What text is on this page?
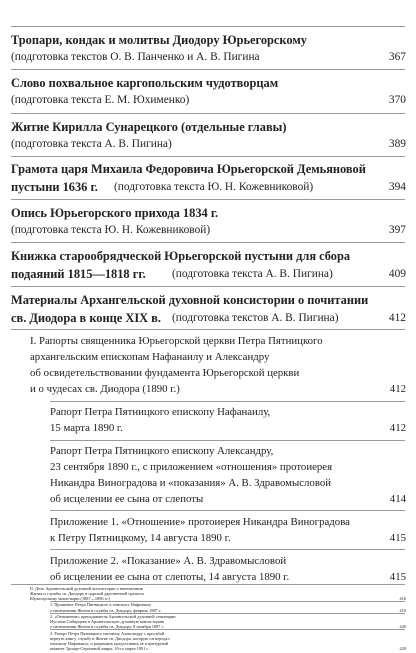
Тропари, кондак и молитвы Диодору Юрьегорскому
(подготовка текстов О. В. Панченко и А. В. Пигина	367
Слово похвальное каргопольским чудотворцам
(подготовка текста Е. М. Юхименко)	370
Житие Кирилла Сунарецкого (отдельные главы)
(подготовка текста А. В. Пигина)	389
Грамота царя Михаила Федоровича Юрьегорской Демьяновой
пустыни 1636 г. (подготовка текста Ю. Н. Кожевниковой)	394
Опись Юрьегорского прихода 1834 г.
(подготовка текста Ю. Н. Кожевниковой)	397
Книжка старообрядческой Юрьегорской пустыни для сбора
подаяний 1815—1818 гг. (подготовка текста А. В. Пигина)	409
Материалы Архангельской духовной консистории о почитании
св. Диодора в конце XIX в. (подготовка текстов А. В. Пигина)	412
I. Рапорты священника Юрьегорской церкви Петра Пятницкого
архангельским епископам Нафанаилу и Александру
об освидетельствовании фундамента Юрьегорской церкви
и о чудесах св. Диодора (1890 г.)	412
Рапорт Петра Пятницкого епископу Нафанаилу,
15 марта 1890 г.	412
Рапорт Петра Пятницкого епископу Александру,
23 сентября 1890 г., с приложением «отношения» протоиерея
Никандра Виноградова и «показания» А. В. Здравомысловой
об исцелении ее сына от слепоты	414
Приложение 1. «Отношение» протоиерея Никандра Виноградова
к Петру Пятницкому, 14 августа 1890 г.	415
Приложение 2. «Показание» А. В. Здравомысловой
об исцелении ее сына от слепоты, 14 августа 1890 г.	415
II. Дело Архангельской духовной консистории о напечатании
Жития и службы св. Диодору и царской дарственной грамоты
Юрьегорскому монастырю (1887—1896 гг.)	416
1. Прошение Петра Пятницкого к епископу Нафанаилу
о напечатании Жития и службы св. Диодору, февраль 1887 г.	416
2. «Отношение» преподавателя Архангельской духовной семинарии
Иустина Сибирцева в Архангельскую духовную консисторию
о напечатании Жития и службы св. Диодору, 8 октября 1887 г.	420
3. Рапорт Петра Пятницкого епископу Александру с просьбой
вернуть книгу, службу и Житие св. Диодора, которую он передал
епископу Нафанаилу, и разрешить предоставить ее в цензурный
комитет Троице-Сергиевой лавры, 10-го марта 1891 г.	420
